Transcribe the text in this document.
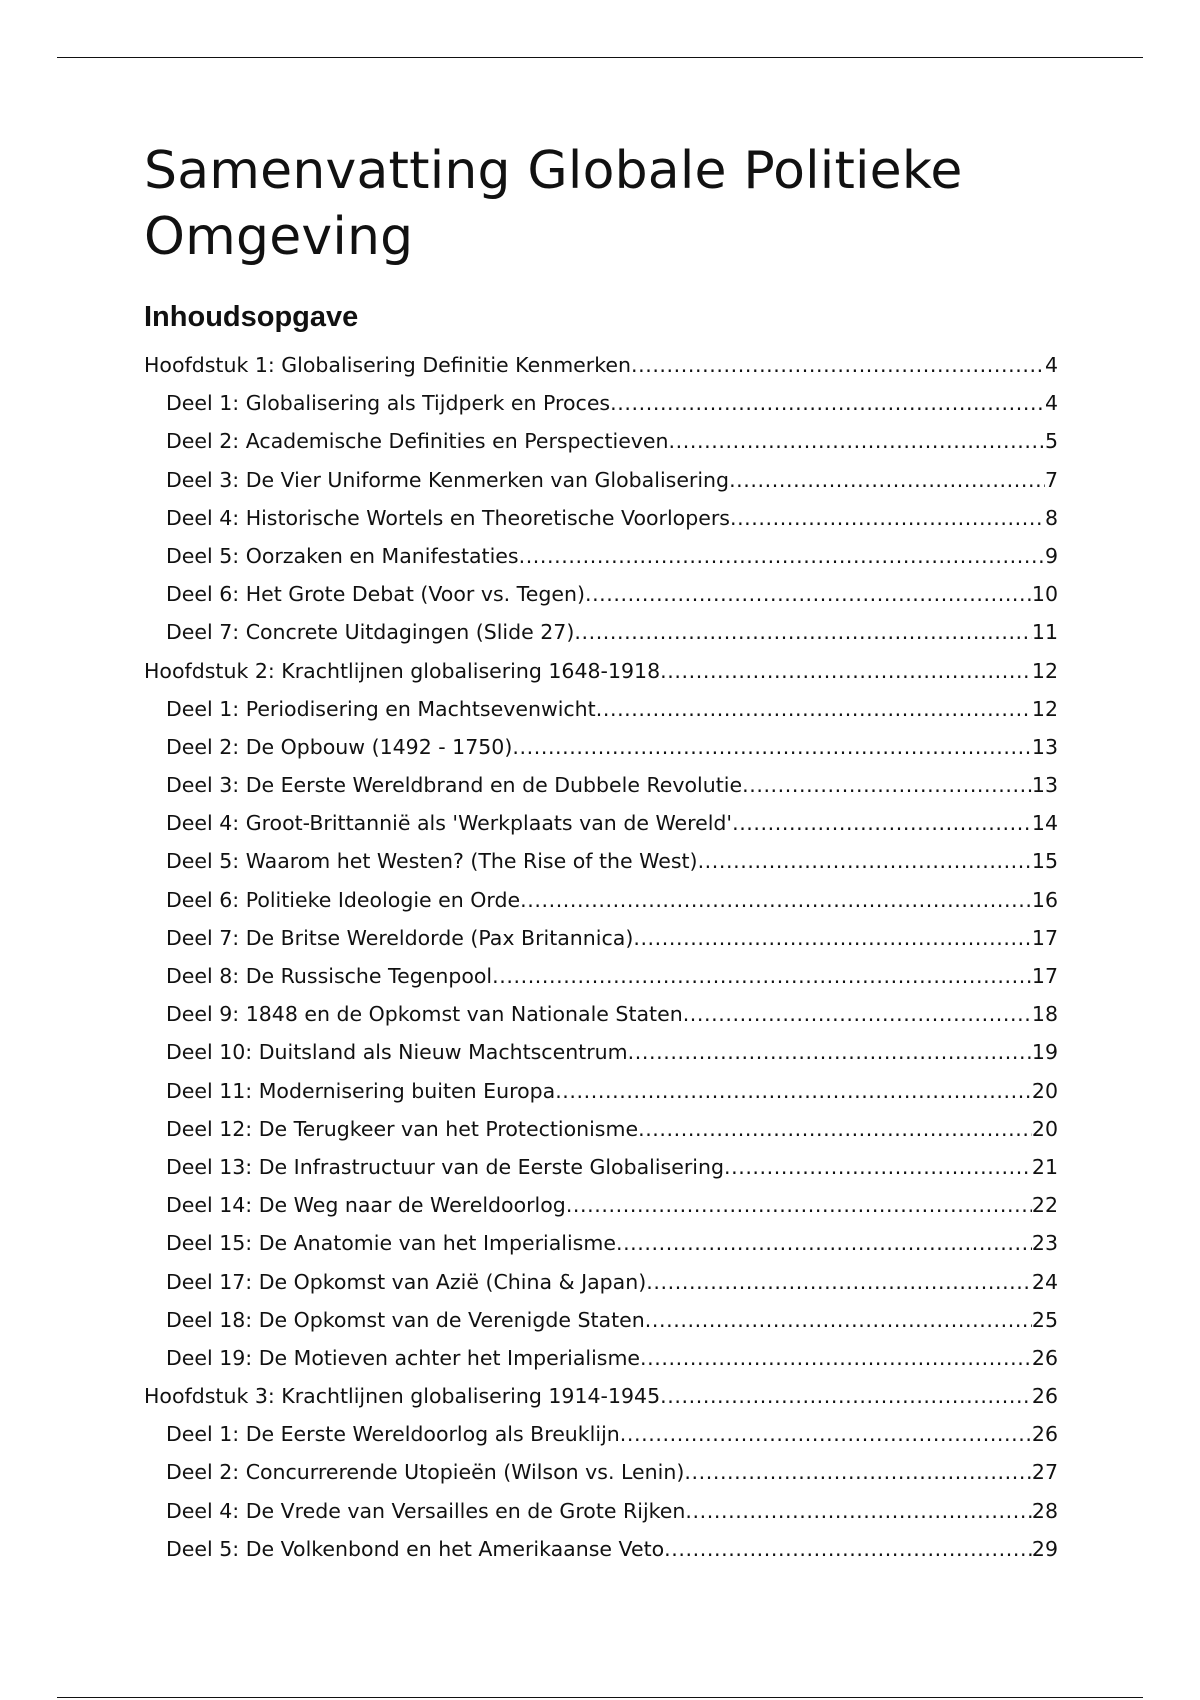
Samenvatting Globale Politieke
Omgeving
Inhoudsopgave
Hoofdstuk 1: Globalisering Definitie Kenmerken .....	4
Deel 1: Globalisering als Tijdperk en Proces .....	4
Deel 2: Academische Definities en Perspectieven .....	5
Deel 3: De Vier Uniforme Kenmerken van Globalisering .....	7
Deel 4: Historische Wortels en Theoretische Voorlopers .....	8
Deel 5: Oorzaken en Manifestaties .....	9
Deel 6: Het Grote Debat (Voor vs. Tegen) .....	10
Deel 7: Concrete Uitdagingen (Slide 27) .....	11
Hoofdstuk 2: Krachtlijnen globalisering 1648-1918 .....	12
Deel 1: Periodisering en Machtsevenwicht .....	12
Deel 2: De Opbouw (1492 - 1750) .....	13
Deel 3: De Eerste Wereldbrand en de Dubbele Revolutie .....	13
Deel 4: Groot-Brittannië als 'Werkplaats van de Wereld' .....	14
Deel 5: Waarom het Westen? (The Rise of the West) .....	15
Deel 6: Politieke Ideologie en Orde .....	16
Deel 7: De Britse Wereldorde (Pax Britannica) .....	17
Deel 8: De Russische Tegenpool .....	17
Deel 9: 1848 en de Opkomst van Nationale Staten .....	18
Deel 10: Duitsland als Nieuw Machtscentrum .....	19
Deel 11: Modernisering buiten Europa .....	20
Deel 12: De Terugkeer van het Protectionisme .....	20
Deel 13: De Infrastructuur van de Eerste Globalisering .....	21
Deel 14: De Weg naar de Wereldoorlog .....	22
Deel 15: De Anatomie van het Imperialisme .....	23
Deel 17: De Opkomst van Azië (China & Japan) .....	24
Deel 18: De Opkomst van de Verenigde Staten .....	25
Deel 19: De Motieven achter het Imperialisme .....	26
Hoofdstuk 3: Krachtlijnen globalisering 1914-1945 .....	26
Deel 1: De Eerste Wereldoorlog als Breuklijn .....	26
Deel 2: Concurrerende Utopieën (Wilson vs. Lenin) .....	27
Deel 4: De Vrede van Versailles en de Grote Rijken .....	28
Deel 5: De Volkenbond en het Amerikaanse Veto .....	29
